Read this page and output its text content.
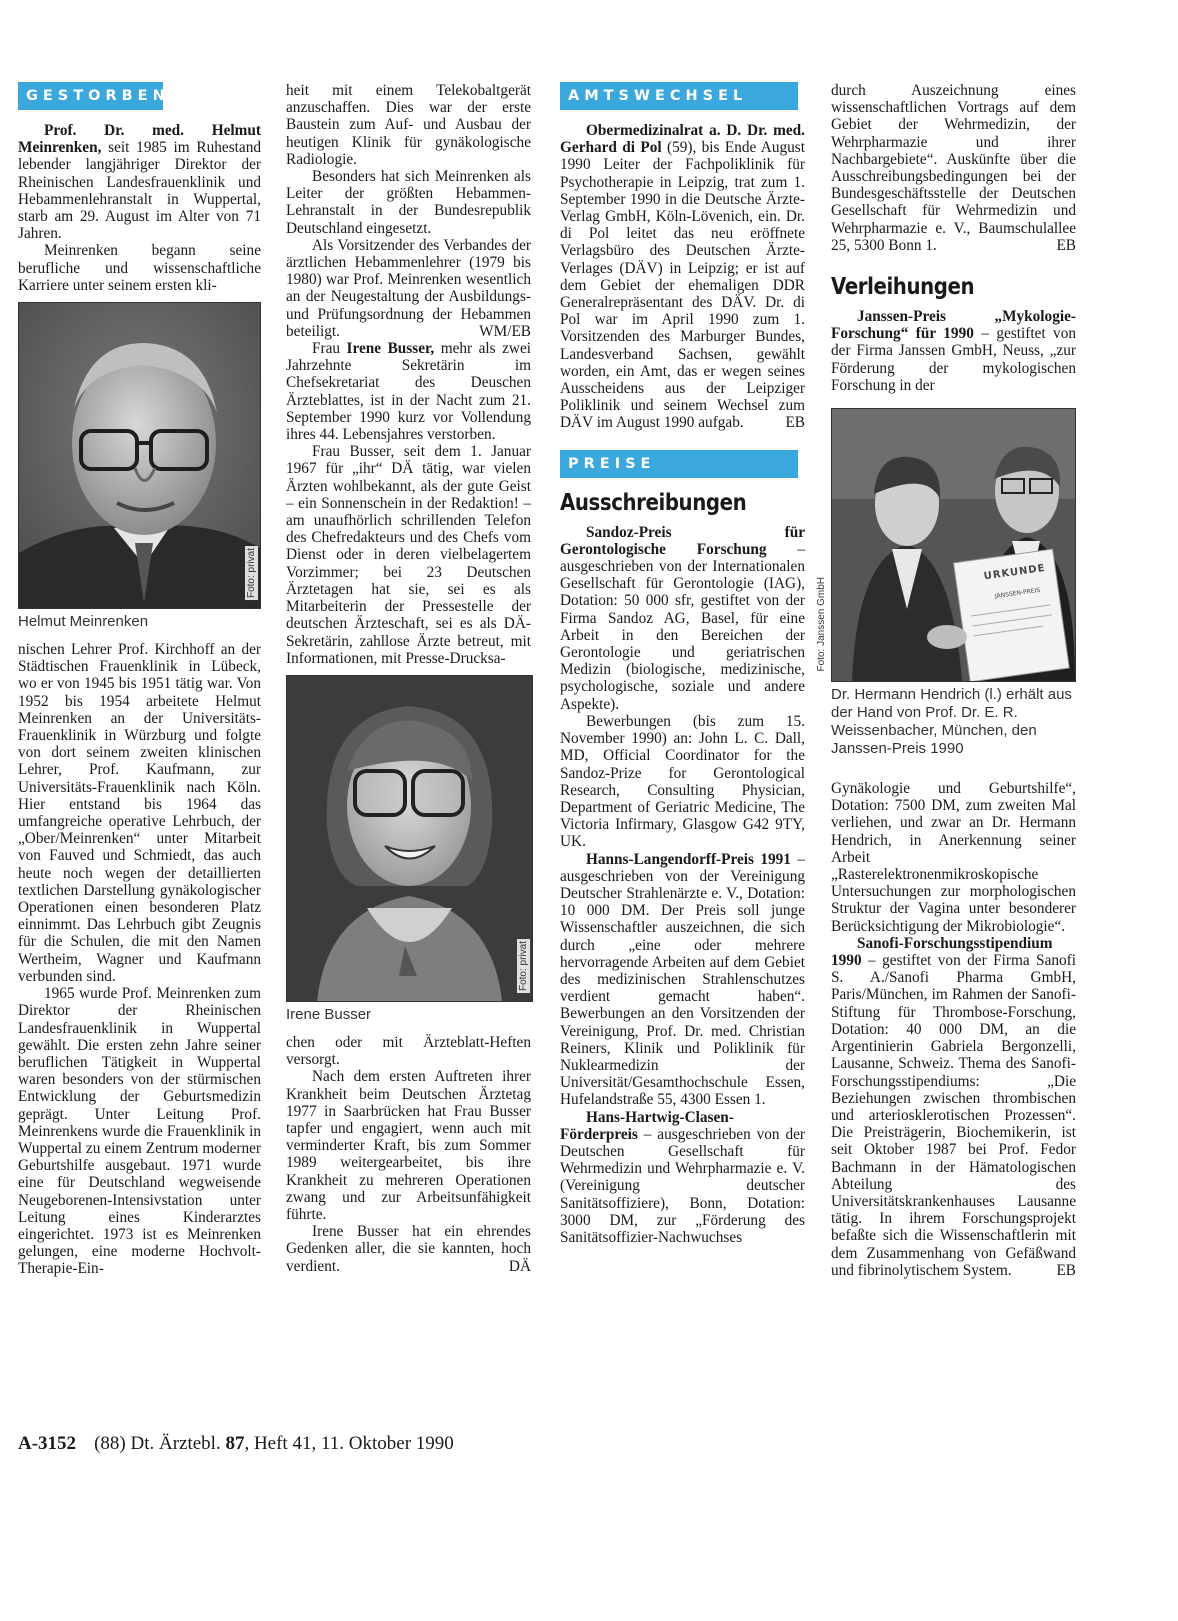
GESTORBEN

Prof. Dr. med. Helmut Meinrenken, seit 1985 im Ruhestand lebender langjähriger Direktor der Rheinischen Landesfrauenklinik und Hebammenlehranstalt in Wuppertal, starb am 29. August im Alter von 71 Jahren.

Meinrenken begann seine berufliche und wissenschaftliche Karriere unter seinem ersten kli-

Foto: privat
Helmut Meinrenken

nischen Lehrer Prof. Kirchhoff an der Städtischen Frauenklinik in Lübeck, wo er von 1945 bis 1951 tätig war. Von 1952 bis 1954 arbeitete Helmut Meinrenken an der Universitäts-Frauenklinik in Würzburg und folgte von dort seinem zweiten klinischen Lehrer, Prof. Kaufmann, zur Universitäts-Frauenklinik nach Köln. Hier entstand bis 1964 das umfangreiche operative Lehrbuch, der „Ober/Meinrenken“ unter Mitarbeit von Fauved und Schmiedt, das auch heute noch wegen der detaillierten textlichen Darstellung gynäkologischer Operationen einen besonderen Platz einnimmt. Das Lehrbuch gibt Zeugnis für die Schulen, die mit den Namen Wertheim, Wagner und Kaufmann verbunden sind.

1965 wurde Prof. Meinrenken zum Direktor der Rheinischen Landesfrauenklinik in Wuppertal gewählt. Die ersten zehn Jahre seiner beruflichen Tätigkeit in Wuppertal waren besonders von der stürmischen Entwicklung der Geburtsmedizin geprägt. Unter Leitung Prof. Meinrenkens wurde die Frauenklinik in Wuppertal zu einem Zentrum moderner Geburtshilfe ausgebaut. 1971 wurde eine für Deutschland wegweisende Neugeborenen-Intensivstation unter Leitung eines Kinderarztes eingerichtet. 1973 ist es Meinrenken gelungen, eine moderne Hochvolt-Therapie-Ein-

heit mit einem Telekobaltgerät anzuschaffen. Dies war der erste Baustein zum Auf- und Ausbau der heutigen Klinik für gynäkologische Radiologie.

Besonders hat sich Meinrenken als Leiter der größten Hebammen-Lehranstalt in der Bundesrepublik Deutschland eingesetzt.

Als Vorsitzender des Verbandes der ärztlichen Hebammenlehrer (1979 bis 1980) war Prof. Meinrenken wesentlich an der Neugestaltung der Ausbildungs- und Prüfungsordnung der Hebammen beteiligt.	WM/EB

Frau Irene Busser, mehr als zwei Jahrzehnte Sekretärin im Chefsekretariat des Deuschen Ärzteblattes, ist in der Nacht zum 21. September 1990 kurz vor Vollendung ihres 44. Lebensjahres verstorben.

Frau Busser, seit dem 1. Januar 1967 für „ihr“ DÄ tätig, war vielen Ärzten wohlbekannt, als der gute Geist – ein Sonnenschein in der Redaktion! – am unaufhörlich schrillenden Telefon des Chefredakteurs und des Chefs vom Dienst oder in deren vielbelagertem Vorzimmer; bei 23 Deutschen Ärztetagen hat sie, sei es als Mitarbeiterin der Pressestelle der deutschen Ärzteschaft, sei es als DÄ-Sekretärin, zahllose Ärzte betreut, mit Informationen, mit Presse-Drucksa-

Foto: privat
Irene Busser

chen oder mit Ärzteblatt-Heften versorgt.

Nach dem ersten Auftreten ihrer Krankheit beim Deutschen Ärztetag 1977 in Saarbrücken hat Frau Busser tapfer und engagiert, wenn auch mit verminderter Kraft, bis zum Sommer 1989 weitergearbeitet, bis ihre Krankheit zu mehreren Operationen zwang und zur Arbeitsunfähigkeit führte.

Irene Busser hat ein ehrendes Gedenken aller, die sie kannten, hoch verdient.	DÄ

AMTSWECHSEL

Obermedizinalrat a. D. Dr. med. Gerhard di Pol (59), bis Ende August 1990 Leiter der Fachpoliklinik für Psychotherapie in Leipzig, trat zum 1. September 1990 in die Deutsche Ärzte-Verlag GmbH, Köln-Lövenich, ein. Dr. di Pol leitet das neu eröffnete Verlagsbüro des Deutschen Ärzte-Verlages (DÄV) in Leipzig; er ist auf dem Gebiet der ehemaligen DDR Generalrepräsentant des DÄV. Dr. di Pol war im April 1990 zum 1. Vorsitzenden des Marburger Bundes, Landesverband Sachsen, gewählt worden, ein Amt, das er wegen seines Ausscheidens aus der Leipziger Poliklinik und seinem Wechsel zum DÄV im August 1990 aufgab.	EB

PREISE
Ausschreibungen

Sandoz-Preis für Gerontologische Forschung – ausgeschrieben von der Internationalen Gesellschaft für Gerontologie (IAG), Dotation: 50 000 sfr, gestiftet von der Firma Sandoz AG, Basel, für eine Arbeit in den Bereichen der Gerontologie und geriatrischen Medizin (biologische, medizinische, psychologische, soziale und andere Aspekte).

Bewerbungen (bis zum 15. November 1990) an: John L. C. Dall, MD, Official Coordinator for the Sandoz-Prize for Gerontological Research, Consulting Physician, Department of Geriatric Medicine, The Victoria Infirmary, Glasgow G42 9TY, UK.

Hanns-Langendorff-Preis 1991 – ausgeschrieben von der Vereinigung Deutscher Strahlenärzte e. V., Dotation: 10 000 DM. Der Preis soll junge Wissenschaftler auszeichnen, die sich durch „eine oder mehrere hervorragende Arbeiten auf dem Gebiet des medizinischen Strahlenschutzes verdient gemacht haben“. Bewerbungen an den Vorsitzenden der Vereinigung, Prof. Dr. med. Christian Reiners, Klinik und Poliklinik für Nuklearmedizin der Universität/Gesamthochschule Essen, Hufelandstraße 55, 4300 Essen 1.

Hans-Hartwig-Clasen-Förderpreis – ausgeschrieben von der Deutschen Gesellschaft für Wehrmedizin und Wehrpharmazie e. V. (Vereinigung deutscher Sanitätsoffiziere), Bonn, Dotation: 3000 DM, zur „Förderung des Sanitätsoffizier-Nachwuchses

durch Auszeichnung eines wissenschaftlichen Vortrags auf dem Gebiet der Wehrmedizin, der Wehrpharmazie und ihrer Nachbargebiete“. Auskünfte über die Ausschreibungsbedingungen bei der Bundesgeschäftsstelle der Deutschen Gesellschaft für Wehrmedizin und Wehrpharmazie e. V., Baumschulallee 25, 5300 Bonn 1.	EB

Verleihungen

Janssen-Preis „Mykologie-Forschung“ für 1990 – gestiftet von der Firma Janssen GmbH, Neuss, „zur Förderung der mykologischen Forschung in der

URKUNDE
JANSSEN-PREIS
Foto: Janssen GmbH
Dr. Hermann Hendrich (l.) erhält aus der Hand von Prof. Dr. E. R. Weissenbacher, München, den Janssen-Preis 1990

Gynäkologie und Geburtshilfe“, Dotation: 7500 DM, zum zweiten Mal verliehen, und zwar an Dr. Hermann Hendrich, in Anerkennung seiner Arbeit „Rasterelektronenmikroskopische Untersuchungen zur morphologischen Struktur der Vagina unter besonderer Berücksichtigung der Mikrobiologie“.

Sanofi-Forschungsstipendium 1990 – gestiftet von der Firma Sanofi S. A./Sanofi Pharma GmbH, Paris/München, im Rahmen der Sanofi-Stiftung für Thrombose-Forschung, Dotation: 40 000 DM, an die Argentinierin Gabriela Bergonzelli, Lausanne, Schweiz. Thema des Sanofi-Forschungsstipendiums: „Die Beziehungen zwischen thrombischen und arteriosklerotischen Prozessen“. Die Preisträgerin, Biochemikerin, ist seit Oktober 1987 bei Prof. Fedor Bachmann in der Hämatologischen Abteilung des Universitätskrankenhauses Lausanne tätig. In ihrem Forschungsprojekt befaßte sich die Wissenschaftlerin mit dem Zusammenhang von Gefäßwand und fibrinolytischem System.	EB

A-3152 (88) Dt. Ärztebl. 87, Heft 41, 11. Oktober 1990
